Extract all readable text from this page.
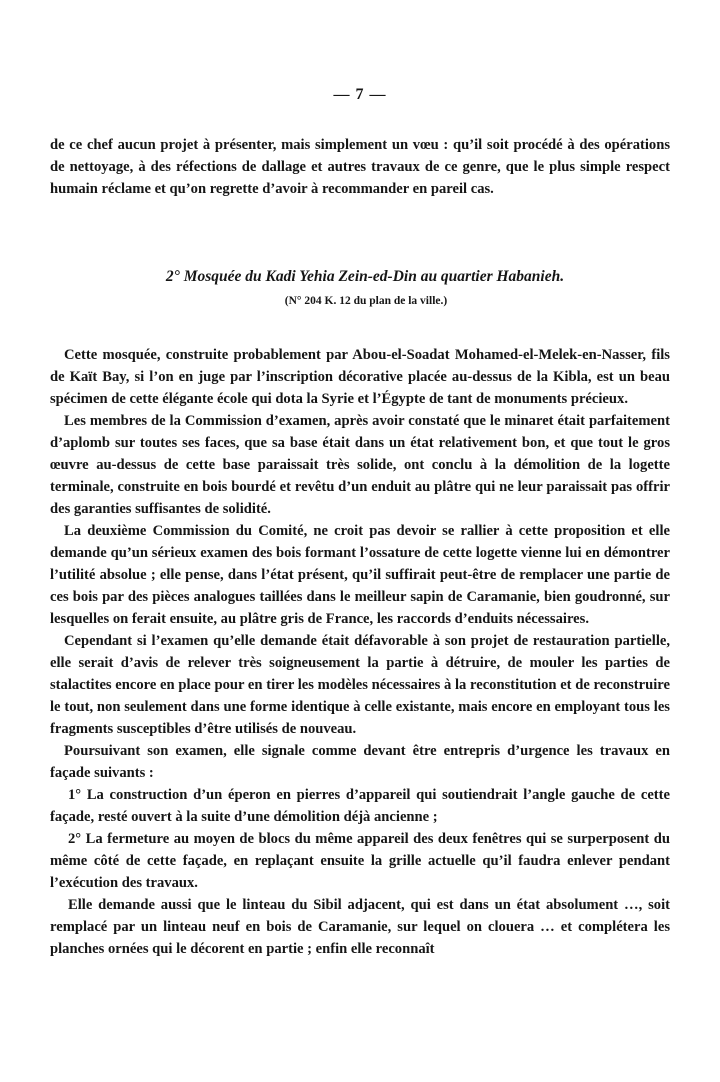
— 7 —

de ce chef aucun projet à présenter, mais simplement un vœu : qu’il soit procédé à des opérations de nettoyage, à des réfections de dallage et autres travaux de ce genre, que le plus simple respect humain réclame et qu’on regrette d’avoir à recommander en pareil cas.

2° Mosquée du Kadi Yehia Zein-ed-Din au quartier Habanieh.
(N° 204 K. 12 du plan de la ville.)

Cette mosquée, construite probablement par Abou-el-Soadat Mohamed-el-Melek-en-Nasser, fils de Kaït Bay, si l’on en juge par l’inscription décorative placée au-dessus de la Kibla, est un beau spécimen de cette élégante école qui dota la Syrie et l’Égypte de tant de monuments précieux.

Les membres de la Commission d’examen, après avoir constaté que le minaret était parfaitement d’aplomb sur toutes ses faces, que sa base était dans un état relativement bon, et que tout le gros œuvre au-dessus de cette base paraissait très solide, ont conclu à la démolition de la logette terminale, construite en bois bourdé et revêtu d’un enduit au plâtre qui ne leur paraissait pas offrir des garanties suffisantes de solidité.

La deuxième Commission du Comité, ne croit pas devoir se rallier à cette proposition et elle demande qu’un sérieux examen des bois formant l’ossature de cette logette vienne lui en démontrer l’utilité absolue ; elle pense, dans l’état présent, qu’il suffirait peut-être de remplacer une partie de ces bois par des pièces analogues taillées dans le meilleur sapin de Caramanie, bien goudronné, sur lesquelles on ferait ensuite, au plâtre gris de France, les raccords d’enduits nécessaires.

Cependant si l’examen qu’elle demande était défavorable à son projet de restauration partielle, elle serait d’avis de relever très soigneusement la partie à détruire, de mouler les parties de stalactites encore en place pour en tirer les modèles nécessaires à la reconstitution et de reconstruire le tout, non seulement dans une forme identique à celle existante, mais encore en employant tous les fragments susceptibles d’être utilisés de nouveau.

Poursuivant son examen, elle signale comme devant être entrepris d’urgence les travaux en façade suivants :

1° La construction d’un éperon en pierres d’appareil qui soutiendrait l’angle gauche de cette façade, resté ouvert à la suite d’une démolition déjà ancienne ;

2° La fermeture au moyen de blocs du même appareil des deux fenêtres qui se surperposent du même côté de cette façade, en replaçant ensuite la grille actuelle qu’il faudra enlever pendant l’exécution des travaux.

Elle demande aussi que le linteau du Sibil adjacent, qui est dans un état absolument …, soit remplacé par un linteau neuf en bois de Caramanie, sur lequel on clouera … et complétera les planches ornées qui le décorent en partie ; enfin elle reconnaît
